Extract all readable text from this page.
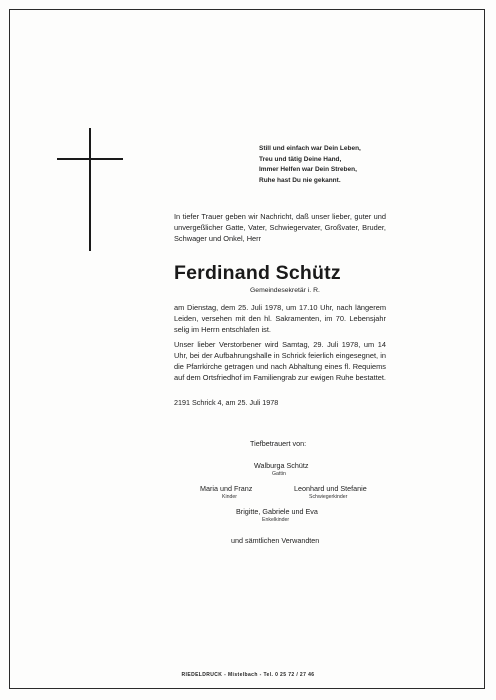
Still und einfach war Dein Leben,
Treu und tätig Deine Hand,
Immer Helfen war Dein Streben,
Ruhe hast Du nie gekannt.
In tiefer Trauer geben wir Nachricht, daß unser lieber, guter und unvergeßlicher Gatte, Vater, Schwiegervater, Großvater, Bruder, Schwager und Onkel, Herr
Ferdinand Schütz
Gemeindesekretär i. R.
am Dienstag, dem 25. Juli 1978, um 17.10 Uhr, nach längerem Leiden, versehen mit den hl. Sakramenten, im 70. Lebensjahr selig im Herrn entschlafen ist.
Unser lieber Verstorbener wird Samtag, 29. Juli 1978, um 14 Uhr, bei der Aufbahrungshalle in Schrick feierlich eingesegnet, in die Pfarrkirche getragen und nach Abhaltung eines fl. Requiems auf dem Ortsfriedhof im Familiengrab zur ewigen Ruhe bestattet.
2191 Schrick 4, am 25. Juli 1978
Tiefbetrauert von:
Walburga Schütz
Gattin
Maria und Franz
Kinder
Leonhard und Stefanie
Schwiegerkinder
Brigitte, Gabriele und Eva
Enkelkinder
und sämtlichen Verwandten
RIEDELDRUCK - Mistelbach - Tel. 0 25 72 / 27 46
